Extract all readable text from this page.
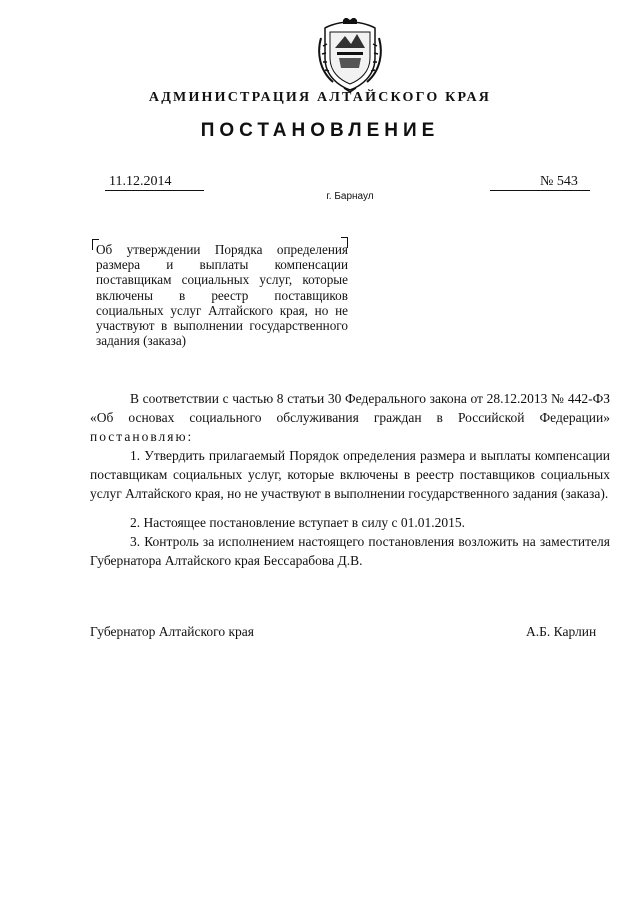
АДМИНИСТРАЦИЯ АЛТАЙСКОГО КРАЯ
ПОСТАНОВЛЕНИЕ
11.12.2014	№ 543
г. Барнаул
Об утверждении Порядка определения размера и выплаты компенсации поставщикам социальных услуг, которые включены в реестр поставщиков социальных услуг Алтайского края, но не участвуют в выполнении государственного задания (заказа)

В соответствии с частью 8 статьи 30 Федерального закона от 28.12.2013 № 442-ФЗ «Об основах социального обслуживания граждан в Российской Федерации» постановляю:

1. Утвердить прилагаемый Порядок определения размера и выплаты компенсации поставщикам социальных услуг, которые включены в реестр поставщиков социальных услуг Алтайского края, но не участвуют в выполнении государственного задания (заказа).

2. Настоящее постановление вступает в силу с 01.01.2015.

3. Контроль за исполнением настоящего постановления возложить на заместителя Губернатора Алтайского края Бессарабова Д.В.

Губернатор Алтайского края	А.Б. Карлин
